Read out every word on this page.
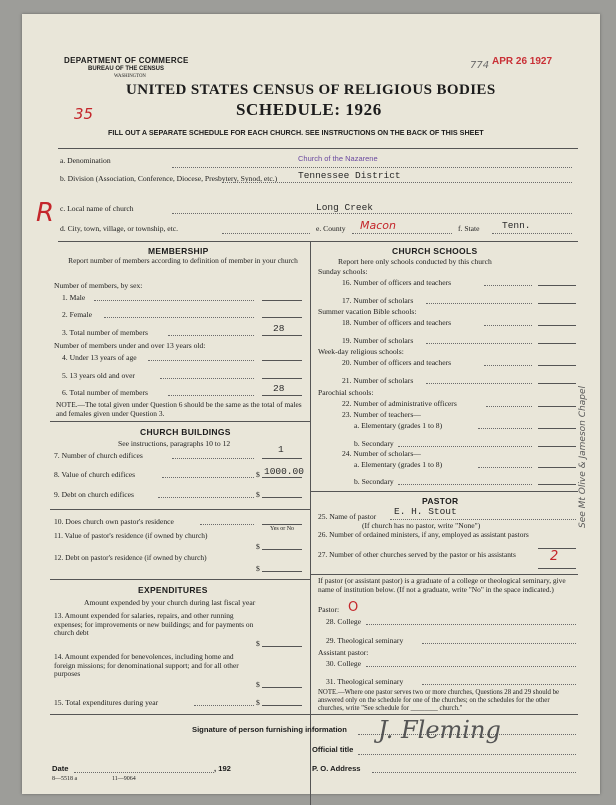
DEPARTMENT OF COMMERCE
BUREAU OF THE CENSUS
WASHINGTON
APR 26 1927
774
UNITED STATES CENSUS OF RELIGIOUS BODIES
35	SCHEDULE: 1926
FILL OUT A SEPARATE SCHEDULE FOR EACH CHURCH. SEE INSTRUCTIONS ON THE BACK OF THIS SHEET
a. Denomination	Church of the Nazarene
b. Division (Association, Conference, Diocese, Presbytery, Synod, etc.) Tennessee District
R c. Local name of church	Long Creek
d. City, town, village, or township, etc.	e. County Macon	f. State Tenn.
MEMBERSHIP
Report number of members according to definition of member in your church
Number of members, by sex:
1. Male
2. Female
3. Total number of members	28
Number of members under and over 13 years old:
4. Under 13 years of age
5. 13 years old and over
6. Total number of members	28
NOTE.—The total given under Question 6 should be the same as the total of males and females given under Question 3.
CHURCH BUILDINGS
See instructions, paragraphs 10 to 12
7. Number of church edifices
1
8. Value of church edifices	$ 1000.00
9. Debt on church edifices	$
10. Does church own pastor's residence
Yes or No
11. Value of pastor's residence (if owned by church)
$
12. Debt on pastor's residence (if owned by church)
$
EXPENDITURES
Amount expended by your church during last fiscal year
13. Amount expended for salaries, repairs, and other running expenses; for improvements or new buildings; and for payments on church debt
$
14. Amount expended for benevolences, including home and foreign missions; for denominational support; and for all other purposes
$
15. Total expenditures during year	$
CHURCH SCHOOLS
Report here only schools conducted by this church
Sunday schools:
16. Number of officers and teachers
17. Number of scholars
Summer vacation Bible schools:
18. Number of officers and teachers
19. Number of scholars
Week-day religious schools:
20. Number of officers and teachers
21. Number of scholars
Parochial schools:
22. Number of administrative officers
23. Number of teachers—
a. Elementary (grades 1 to 8)
b. Secondary
24. Number of scholars—
a. Elementary (grades 1 to 8)
b. Secondary
PASTOR
25. Name of pastor E. H. Stout
(If church has no pastor, write "None")
26. Number of ordained ministers, if any, employed as assistant pastors
27. Number of other churches served by the pastor or his assistants	2
If pastor (or assistant pastor) is a graduate of a college or theological seminary, give name of institution below. (If not a graduate, write "No" in the space indicated.)
Pastor: O
28. College
29. Theological seminary
Assistant pastor:
30. College
31. Theological seminary
NOTE.—Where one pastor serves two or more churches, Questions 28 and 29 should be answered only on the schedule for one of the churches; on the schedules for the other churches, write "See schedule for ________ church."
See Mt Olive & Jameson Chapel
Signature of person furnishing information J. Fleming
Official title
Date	, 192	P. O. Address
8—5518 a	11—9064
